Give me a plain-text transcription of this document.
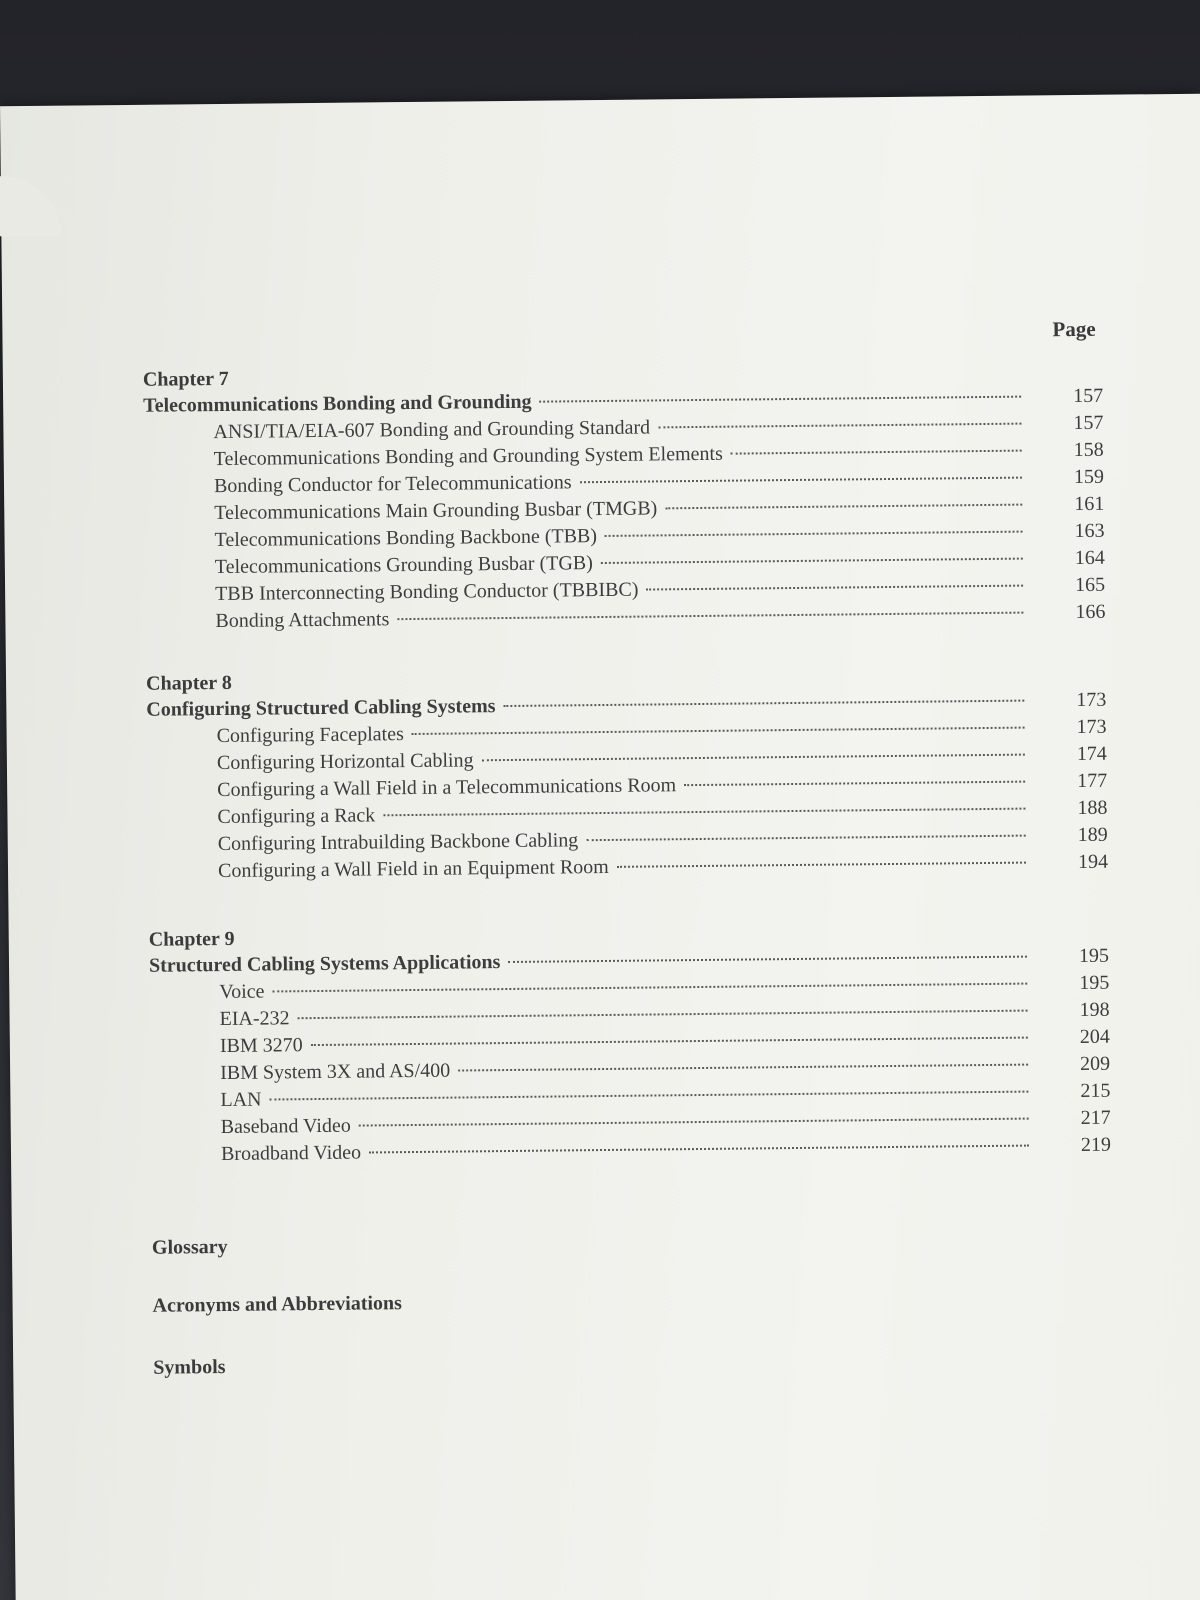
Page
Chapter 7
Telecommunications Bonding and Grounding	157
ANSI/TIA/EIA-607 Bonding and Grounding Standard	157
Telecommunications Bonding and Grounding System Elements	158
Bonding Conductor for Telecommunications	159
Telecommunications Main Grounding Busbar (TMGB)	161
Telecommunications Bonding Backbone (TBB)	163
Telecommunications Grounding Busbar (TGB)	164
TBB Interconnecting Bonding Conductor (TBBIBC)	165
Bonding Attachments	166
Chapter 8
Configuring Structured Cabling Systems	173
Configuring Faceplates	173
Configuring Horizontal Cabling	174
Configuring a Wall Field in a Telecommunications Room	177
Configuring a Rack	188
Configuring Intrabuilding Backbone Cabling	189
Configuring a Wall Field in an Equipment Room	194
Chapter 9
Structured Cabling Systems Applications	195
Voice	195
EIA-232	198
IBM 3270	204
IBM System 3X and AS/400	209
LAN	215
Baseband Video	217
Broadband Video	219
Glossary
Acronyms and Abbreviations
Symbols
